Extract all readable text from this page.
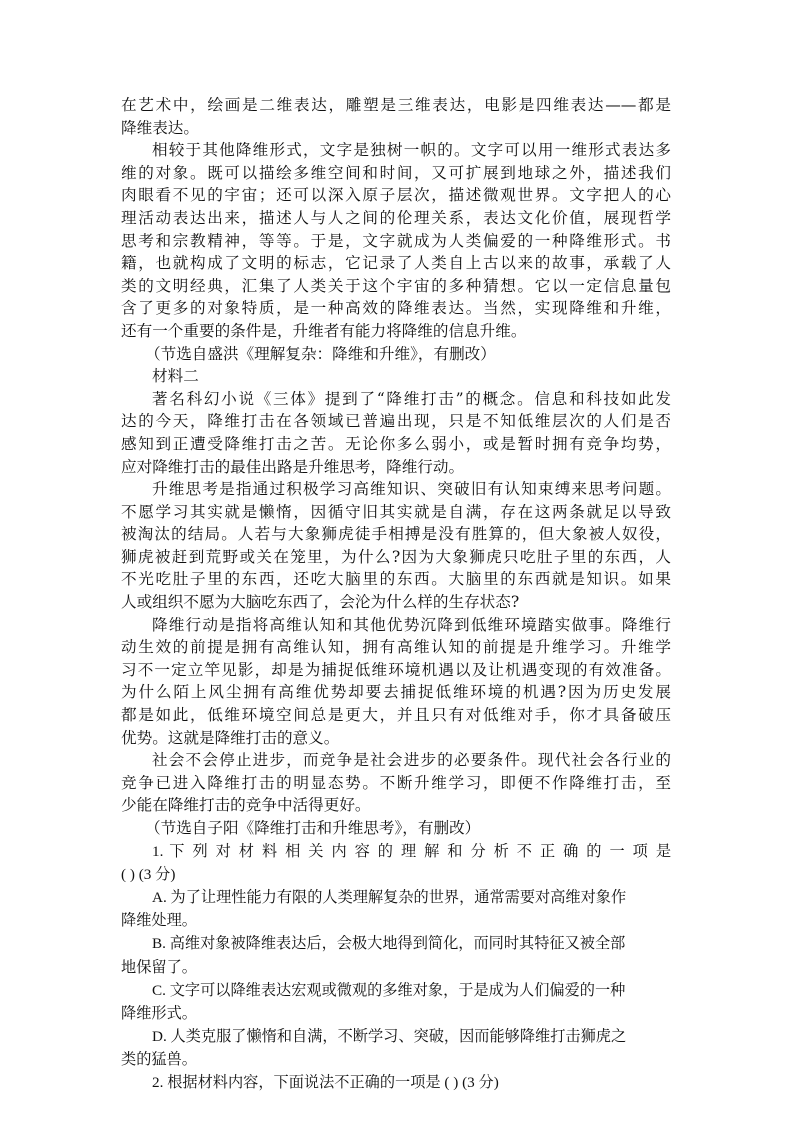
在艺术中，绘画是二维表达，雕塑是三维表达，电影是四维表达——都是
降维表达。
相较于其他降维形式，文字是独树一帜的。文字可以用一维形式表达多
维的对象。既可以描绘多维空间和时间，又可扩展到地球之外，描述我们
肉眼看不见的宇宙；还可以深入原子层次，描述微观世界。文字把人的心
理活动表达出来，描述人与人之间的伦理关系，表达文化价值，展现哲学
思考和宗教精神，等等。于是，文字就成为人类偏爱的一种降维形式。书
籍，也就构成了文明的标志，它记录了人类自上古以来的故事，承载了人
类的文明经典，汇集了人类关于这个宇宙的多种猜想。它以一定信息量包
含了更多的对象特质，是一种高效的降维表达。当然，实现降维和升维，
还有一个重要的条件是，升维者有能力将降维的信息升维。
（节选自盛洪《理解复杂：降维和升维》，有删改）
材料二
著名科幻小说《三体》提到了“降维打击”的概念。信息和科技如此发
达的今天，降维打击在各领域已普遍出现，只是不知低维层次的人们是否
感知到正遭受降维打击之苦。无论你多么弱小，或是暂时拥有竞争均势，
应对降维打击的最佳出路是升维思考，降维行动。
升维思考是指通过积极学习高维知识、突破旧有认知束缚来思考问题。
不愿学习其实就是懒惰，因循守旧其实就是自满，存在这两条就足以导致
被淘汰的结局。人若与大象狮虎徒手相搏是没有胜算的，但大象被人奴役，
狮虎被赶到荒野或关在笼里，为什么?因为大象狮虎只吃肚子里的东西，人
不光吃肚子里的东西，还吃大脑里的东西。大脑里的东西就是知识。如果
人或组织不愿为大脑吃东西了，会沦为什么样的生存状态?
降维行动是指将高维认知和其他优势沉降到低维环境踏实做事。降维行
动生效的前提是拥有高维认知，拥有高维认知的前提是升维学习。升维学
习不一定立竿见影，却是为捕捉低维环境机遇以及让机遇变现的有效准备。
为什么陌上风尘拥有高维优势却要去捕捉低维环境的机遇?因为历史发展
都是如此，低维环境空间总是更大，并且只有对低维对手，你才具备破压
优势。这就是降维打击的意义。
社会不会停止进步，而竞争是社会进步的必要条件。现代社会各行业的
竞争已进入降维打击的明显态势。不断升维学习，即便不作降维打击，至
少能在降维打击的竞争中活得更好。
（节选自子阳《降维打击和升维思考》，有删改）
1. 下 列 对 材 料 相 关 内 容 的 理 解 和 分 析 不 正 确 的 一 项 是
( ) (3 分)
A. 为了让理性能力有限的人类理解复杂的世界，通常需要对高维对象作
降维处理。
B. 高维对象被降维表达后，会极大地得到简化，而同时其特征又被全部
地保留了。
C. 文字可以降维表达宏观或微观的多维对象，于是成为人们偏爱的一种
降维形式。
D. 人类克服了懒惰和自满，不断学习、突破，因而能够降维打击狮虎之
类的猛兽。
2. 根据材料内容，下面说法不正确的一项是 ( ) (3 分)
